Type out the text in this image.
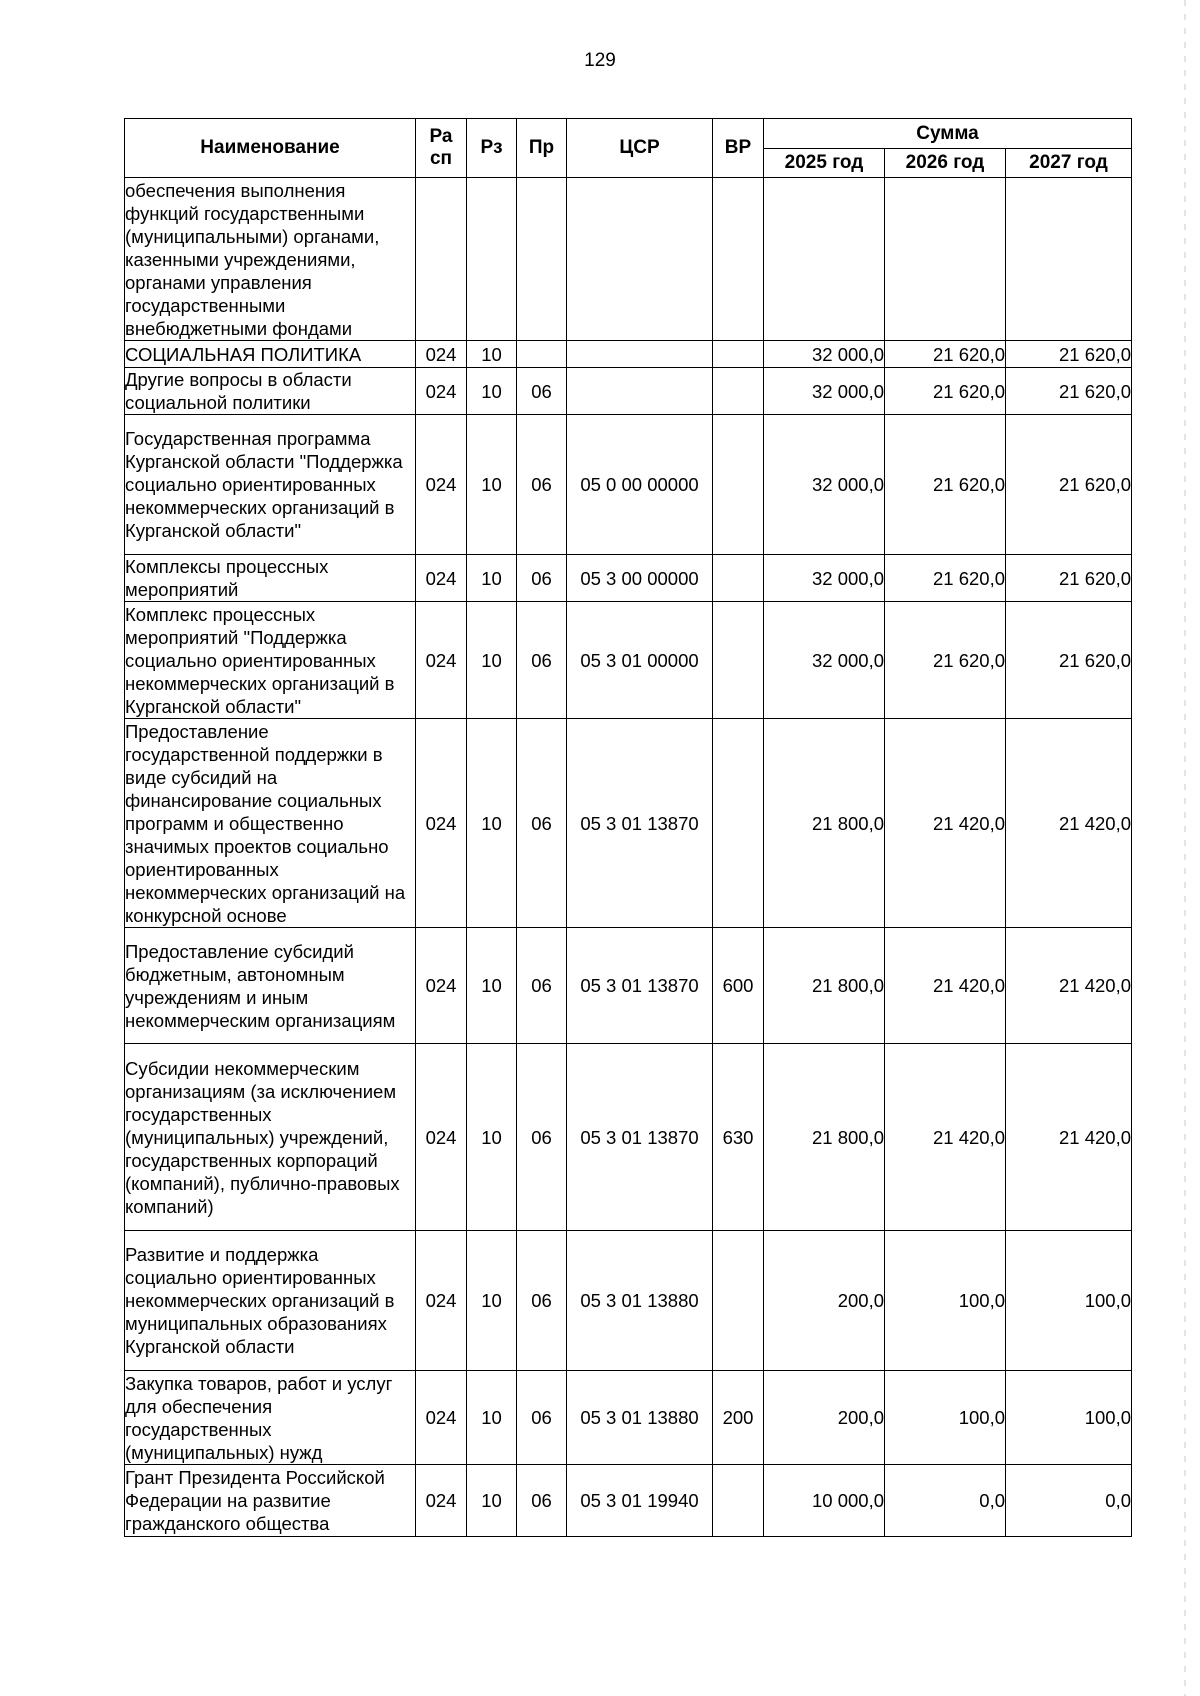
129
Наименование	Ра сп	Рз	Пр	ЦСР	ВР	Сумма		
						2025 год	2026 год	2027 год
обеспечения выполнения функций государственными (муниципальными) органами, казенными учреждениями, органами управления государственными внебюджетными фондами								
СОЦИАЛЬНАЯ ПОЛИТИКА	024	10				32 000,0	21 620,0	21 620,0
Другие вопросы в области социальной политики	024	10	06			32 000,0	21 620,0	21 620,0
Государственная программа Курганской области "Поддержка социально ориентированных некоммерческих организаций в Курганской области"	024	10	06	05 0 00 00000		32 000,0	21 620,0	21 620,0
Комплексы процессных мероприятий	024	10	06	05 3 00 00000		32 000,0	21 620,0	21 620,0
Комплекс процессных мероприятий "Поддержка социально ориентированных некоммерческих организаций в Курганской области"	024	10	06	05 3 01 00000		32 000,0	21 620,0	21 620,0
Предоставление государственной поддержки в виде субсидий на финансирование социальных программ и общественно значимых проектов социально ориентированных некоммерческих организаций на конкурсной основе	024	10	06	05 3 01 13870		21 800,0	21 420,0	21 420,0
Предоставление субсидий бюджетным, автономным учреждениям и иным некоммерческим организациям	024	10	06	05 3 01 13870	600	21 800,0	21 420,0	21 420,0
Субсидии некоммерческим организациям (за исключением государственных (муниципальных) учреждений, государственных корпораций (компаний), публично-правовых компаний)	024	10	06	05 3 01 13870	630	21 800,0	21 420,0	21 420,0
Развитие и поддержка социально ориентированных некоммерческих организаций в муниципальных образованиях Курганской области	024	10	06	05 3 01 13880		200,0	100,0	100,0
Закупка товаров, работ и услуг для обеспечения государственных (муниципальных) нужд	024	10	06	05 3 01 13880	200	200,0	100,0	100,0
Грант Президента Российской Федерации на развитие гражданского общества	024	10	06	05 3 01 19940		10 000,0	0,0	0,0
